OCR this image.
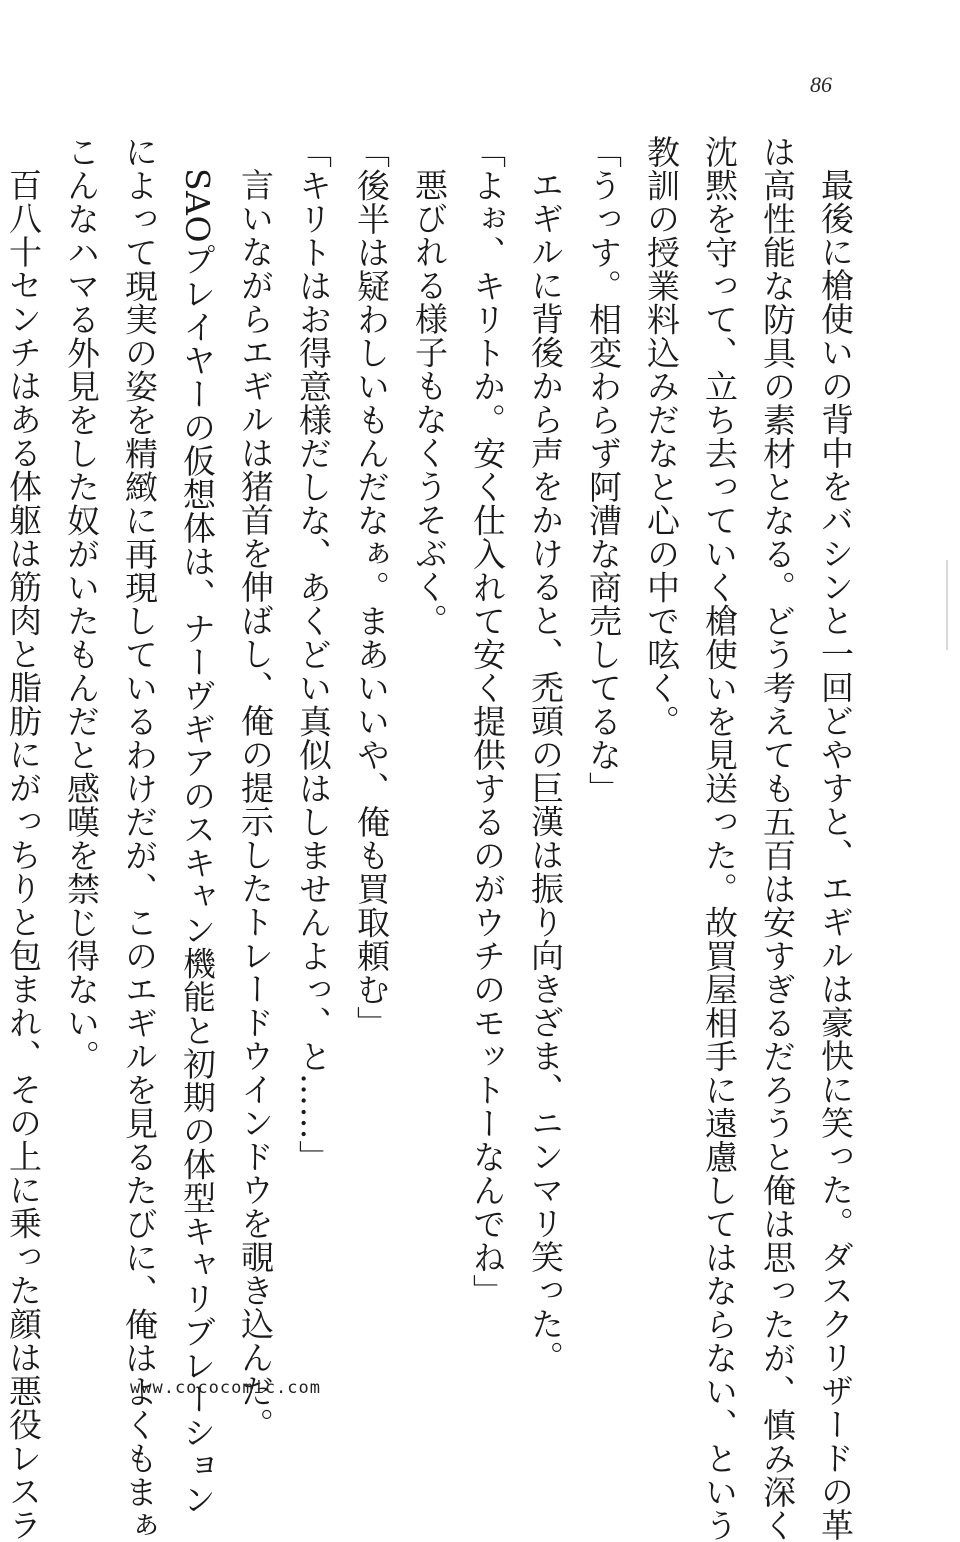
86
最後に槍使いの背中をバシンと一回どやすと、エギルは豪快に笑った。ダスクリザードの革
は高性能な防具の素材となる。どう考えても五百は安すぎるだろうと俺は思ったが、慎み深く
沈黙を守って、立ち去っていく槍使いを見送った。故買屋相手に遠慮してはならない、という
教訓の授業料込みだなと心の中で呟く。
「うっす。相変わらず阿漕な商売してるな」
エギルに背後から声をかけると、禿頭の巨漢は振り向きざま、ニンマリ笑った。
「よぉ、キリトか。安く仕入れて安く提供するのがウチのモットーなんでね」
悪びれる様子もなくうそぶく。
「後半は疑わしいもんだなぁ。まあいいや、俺も買取頼む」
「キリトはお得意様だしな、あくどい真似はしませんよっ、と……」
言いながらエギルは猪首を伸ばし、俺の提示したトレードウインドウを覗き込んだ。
SAOプレイヤーの仮想体は、ナーヴギアのスキャン機能と初期の体型キャリブレーション
によって現実の姿を精緻に再現しているわけだが、このエギルを見るたびに、俺はよくもまぁ
こんなハマる外見をした奴がいたもんだと感嘆を禁じ得ない。
百八十センチはある体躯は筋肉と脂肪にがっちりと包まれ、その上に乗った顔は悪役レスラ	www.cococomic.com
